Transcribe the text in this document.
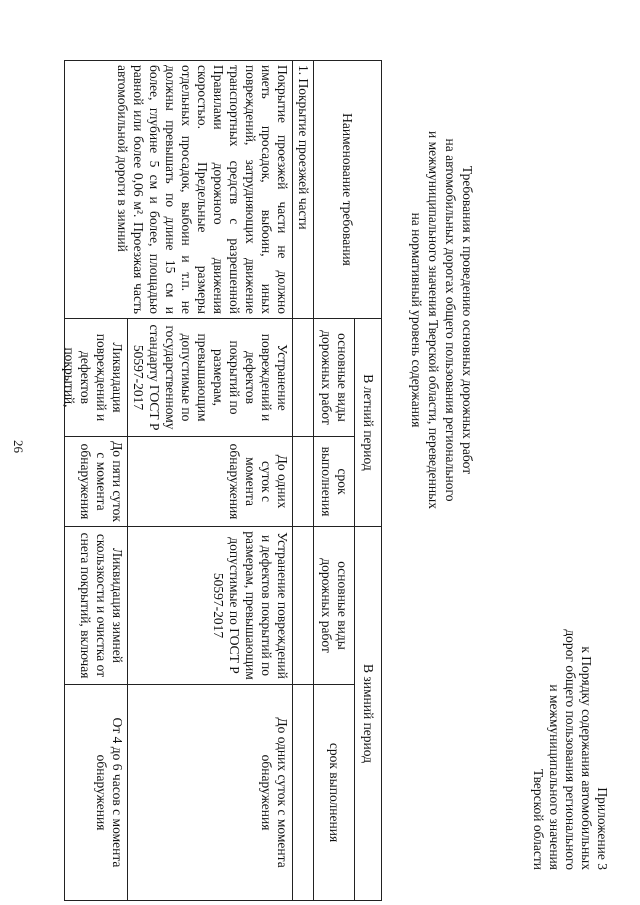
26
Приложение 3
к Порядку содержания автомобильных
дорог общего пользования регионального
и межмуниципального значения
Тверской области
Требования к проведению основных дорожных работ
на автомобильных дорогах общего пользования регионального
и межмуниципального значения Тверской области, переведенных
на нормативный уровень содержания
Наименование требования	В летний период		В зимний период	
	основные виды дорожных работ	срок выполнения	основные виды дорожных работ	срок выполнения
1. Покрытие проезжей части				
Покрытие проезжей части не должно иметь просадок, выбоин, иных повреждений, затрудняющих движение транспортных средств с разрешенной Правилами дорожного движения скоростью. Предельные размеры отдельных просадок, выбоин и т.п. не должны превышать по длине 15 см и более, глубине 5 см и более, площадью равной или более 0,06 м². Проезжая часть автомобильной дороги в зимний	Устранение повреждений и дефектов покрытий по размерам, превышающим допустимые по государственному стандарту ГОСТ Р 50597-2017	До одних суток с момента обнаружения	Устранение повреждений и дефектов покрытий по размерам, превышающим допустимые по ГОСТ Р 50597-2017	До одних суток с момента обнаружения

	Ликвидация повреждений и дефектов покрытий,	До пяти суток с момента обнаружения	Ликвидация зимней скользкости и очистка от снега покрытий, включая	От 4 до 6 часов с момента обнаружения
